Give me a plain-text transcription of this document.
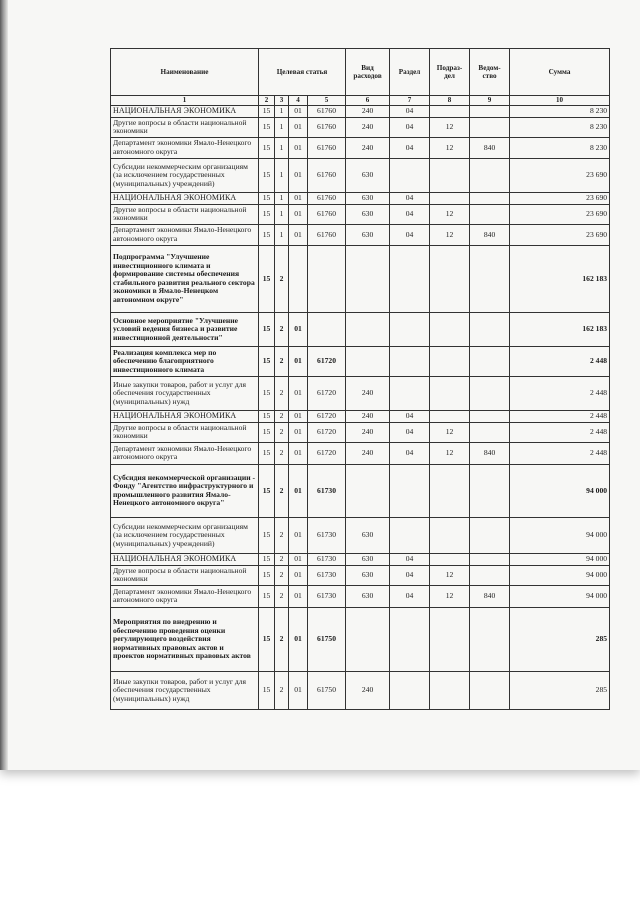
Наименование	Целевая статья				Вид расходов	Раздел	Подраз-дел	Ведом-ство	Сумма
1	2	3	4	5	6	7	8	9	10
НАЦИОНАЛЬНАЯ ЭКОНОМИКА	15	1	01	61760	240	04			8 230
Другие вопросы в области национальной экономики	15	1	01	61760	240	04	12		8 230
Департамент экономики Ямало-Ненецкого автономного округа	15	1	01	61760	240	04	12	840	8 230
Субсидии некоммерческим организациям (за исключением государственных (муниципальных) учреждений)	15	1	01	61760	630				23 690
НАЦИОНАЛЬНАЯ ЭКОНОМИКА	15	1	01	61760	630	04			23 690
Другие вопросы в области национальной экономики	15	1	01	61760	630	04	12		23 690
Департамент экономики Ямало-Ненецкого автономного округа	15	1	01	61760	630	04	12	840	23 690
Подпрограмма "Улучшение инвестиционного климата и формирование системы обеспечения стабильного развития реального сектора экономики в Ямало-Ненецком автономном округе"	15	2							162 183
Основное мероприятие "Улучшение условий ведения бизнеса и развитие инвестиционной деятельности"	15	2	01						162 183
Реализация комплекса мер по обеспечению благоприятного инвестиционного климата	15	2	01	61720					2 448
Иные закупки товаров, работ и услуг для обеспечения государственных (муниципальных) нужд	15	2	01	61720	240				2 448
НАЦИОНАЛЬНАЯ ЭКОНОМИКА	15	2	01	61720	240	04			2 448
Другие вопросы в области национальной экономики	15	2	01	61720	240	04	12		2 448
Департамент экономики Ямало-Ненецкого автономного округа	15	2	01	61720	240	04	12	840	2 448
Субсидия некоммерческой организации - Фонду "Агентство инфраструктурного и промышленного развития Ямало-Ненецкого автономного округа"	15	2	01	61730					94 000
Субсидии некоммерческим организациям (за исключением государственных (муниципальных) учреждений)	15	2	01	61730	630				94 000
НАЦИОНАЛЬНАЯ ЭКОНОМИКА	15	2	01	61730	630	04			94 000
Другие вопросы в области национальной экономики	15	2	01	61730	630	04	12		94 000
Департамент экономики Ямало-Ненецкого автономного округа	15	2	01	61730	630	04	12	840	94 000
Мероприятия по внедрению и обеспечению проведения оценки регулирующего воздействия нормативных правовых актов и проектов нормативных правовых актов	15	2	01	61750					285
Иные закупки товаров, работ и услуг для обеспечения государственных (муниципальных) нужд	15	2	01	61750	240				285
